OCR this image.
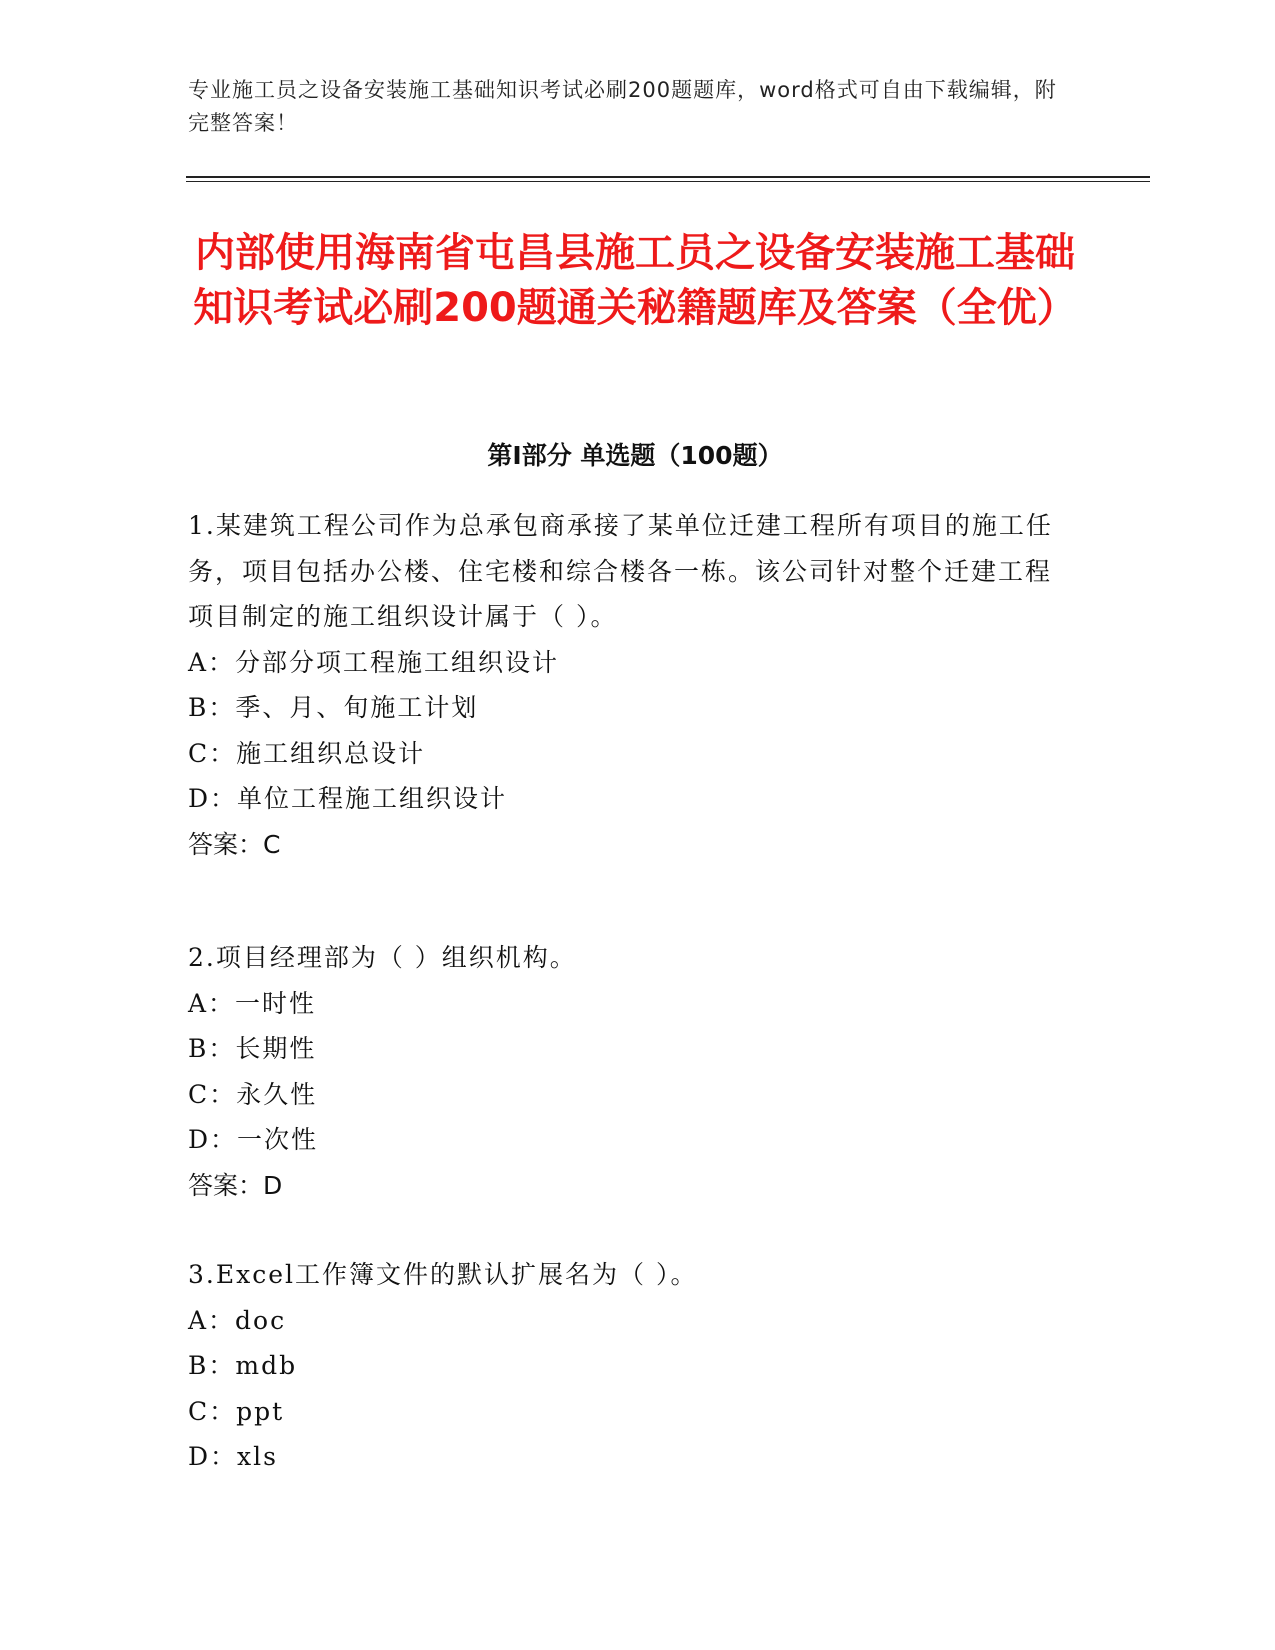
专业施工员之设备安装施工基础知识考试必刷200题题库，word格式可自由下载编辑，附完整答案！
内部使用海南省屯昌县施工员之设备安装施工基础知识考试必刷200题通关秘籍题库及答案（全优）
第Ⅰ部分 单选题（100题）

1.某建筑工程公司作为总承包商承接了某单位迁建工程所有项目的施工任务，项目包括办公楼、住宅楼和综合楼各一栋。该公司针对整个迁建工程项目制定的施工组织设计属于（ ）。

A：分部分项工程施工组织设计

B：季、月、旬施工计划

C：施工组织总设计

D：单位工程施工组织设计

答案：C

2.项目经理部为（ ）组织机构。

A：一时性

B：长期性

C：永久性

D：一次性

答案：D

3.Excel工作簿文件的默认扩展名为（ ）。

A：doc

B：mdb

C：ppt

D：xls
